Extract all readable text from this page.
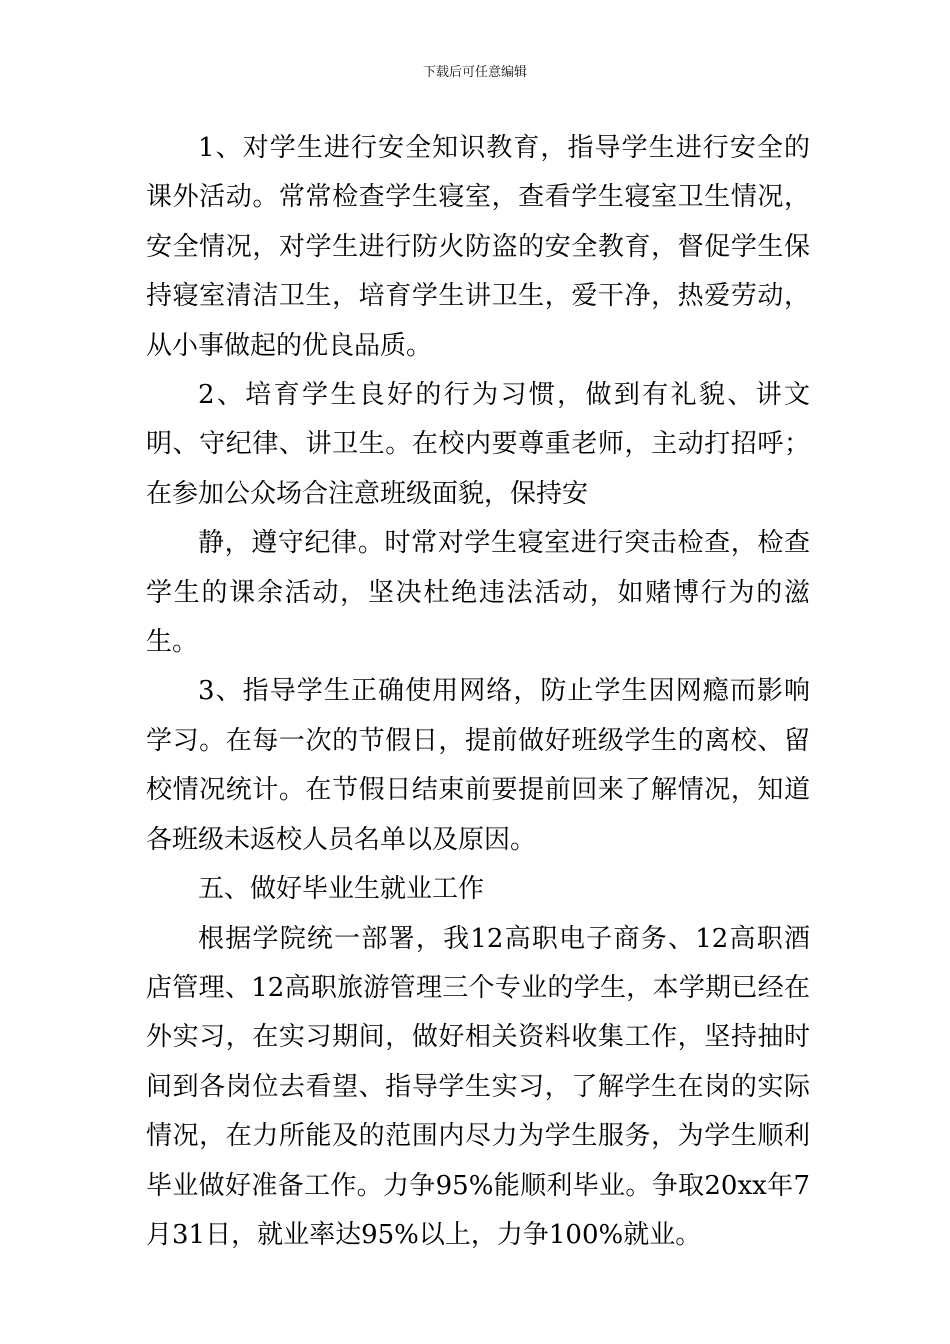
下载后可任意编辑

1、对学生进行安全知识教育，指导学生进行安全的课外活动。常常检查学生寝室，查看学生寝室卫生情况，安全情况，对学生进行防火防盗的安全教育，督促学生保持寝室清洁卫生，培育学生讲卫生，爱干净，热爱劳动，从小事做起的优良品质。

2、培育学生良好的行为习惯，做到有礼貌、讲文明、守纪律、讲卫生。在校内要尊重老师，主动打招呼；在参加公众场合注意班级面貌，保持安

静，遵守纪律。时常对学生寝室进行突击检查，检查学生的课余活动，坚决杜绝违法活动，如赌博行为的滋生。

3、指导学生正确使用网络，防止学生因网瘾而影响学习。在每一次的节假日，提前做好班级学生的离校、留校情况统计。在节假日结束前要提前回来了解情况，知道各班级未返校人员名单以及原因。

五、做好毕业生就业工作

根据学院统一部署，我12高职电子商务、12高职酒店管理、12高职旅游管理三个专业的学生，本学期已经在外实习，在实习期间，做好相关资料收集工作，坚持抽时间到各岗位去看望、指导学生实习，了解学生在岗的实际情况，在力所能及的范围内尽力为学生服务，为学生顺利毕业做好准备工作。力争95%能顺利毕业。争取20xx年7月31日，就业率达95%以上，力争100%就业。
